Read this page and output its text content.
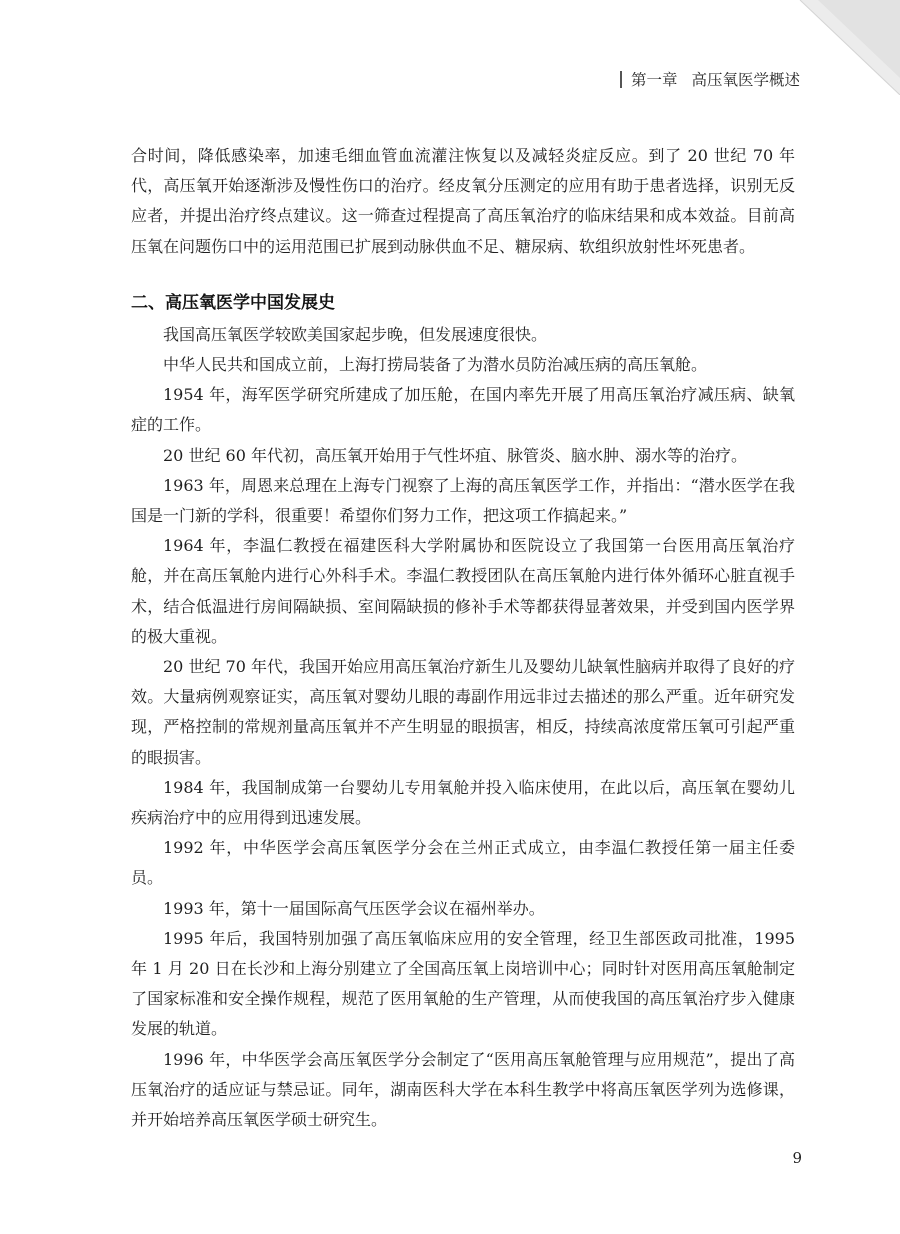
第一章 高压氧医学概述

合时间，降低感染率，加速毛细血管血流灌注恢复以及减轻炎症反应。到了 20 世纪 70 年代，高压氧开始逐渐涉及慢性伤口的治疗。经皮氧分压测定的应用有助于患者选择，识别无反应者，并提出治疗终点建议。这一筛查过程提高了高压氧治疗的临床结果和成本效益。目前高压氧在问题伤口中的运用范围已扩展到动脉供血不足、糖尿病、软组织放射性坏死患者。

二、高压氧医学中国发展史

我国高压氧医学较欧美国家起步晚，但发展速度很快。

中华人民共和国成立前，上海打捞局装备了为潜水员防治减压病的高压氧舱。

1954 年，海军医学研究所建成了加压舱，在国内率先开展了用高压氧治疗减压病、缺氧症的工作。

20 世纪 60 年代初，高压氧开始用于气性坏疽、脉管炎、脑水肿、溺水等的治疗。

1963 年，周恩来总理在上海专门视察了上海的高压氧医学工作，并指出：“潜水医学在我国是一门新的学科，很重要！希望你们努力工作，把这项工作搞起来。”

1964 年，李温仁教授在福建医科大学附属协和医院设立了我国第一台医用高压氧治疗舱，并在高压氧舱内进行心外科手术。李温仁教授团队在高压氧舱内进行体外循环心脏直视手术，结合低温进行房间隔缺损、室间隔缺损的修补手术等都获得显著效果，并受到国内医学界的极大重视。

20 世纪 70 年代，我国开始应用高压氧治疗新生儿及婴幼儿缺氧性脑病并取得了良好的疗效。大量病例观察证实，高压氧对婴幼儿眼的毒副作用远非过去描述的那么严重。近年研究发现，严格控制的常规剂量高压氧并不产生明显的眼损害，相反，持续高浓度常压氧可引起严重的眼损害。

1984 年，我国制成第一台婴幼儿专用氧舱并投入临床使用，在此以后，高压氧在婴幼儿疾病治疗中的应用得到迅速发展。

1992 年，中华医学会高压氧医学分会在兰州正式成立，由李温仁教授任第一届主任委员。

1993 年，第十一届国际高气压医学会议在福州举办。

1995 年后，我国特别加强了高压氧临床应用的安全管理，经卫生部医政司批准，1995 年 1 月 20 日在长沙和上海分别建立了全国高压氧上岗培训中心；同时针对医用高压氧舱制定了国家标准和安全操作规程，规范了医用氧舱的生产管理，从而使我国的高压氧治疗步入健康发展的轨道。

1996 年，中华医学会高压氧医学分会制定了“医用高压氧舱管理与应用规范”，提出了高压氧治疗的适应证与禁忌证。同年，湖南医科大学在本科生教学中将高压氧医学列为选修课，并开始培养高压氧医学硕士研究生。

9
